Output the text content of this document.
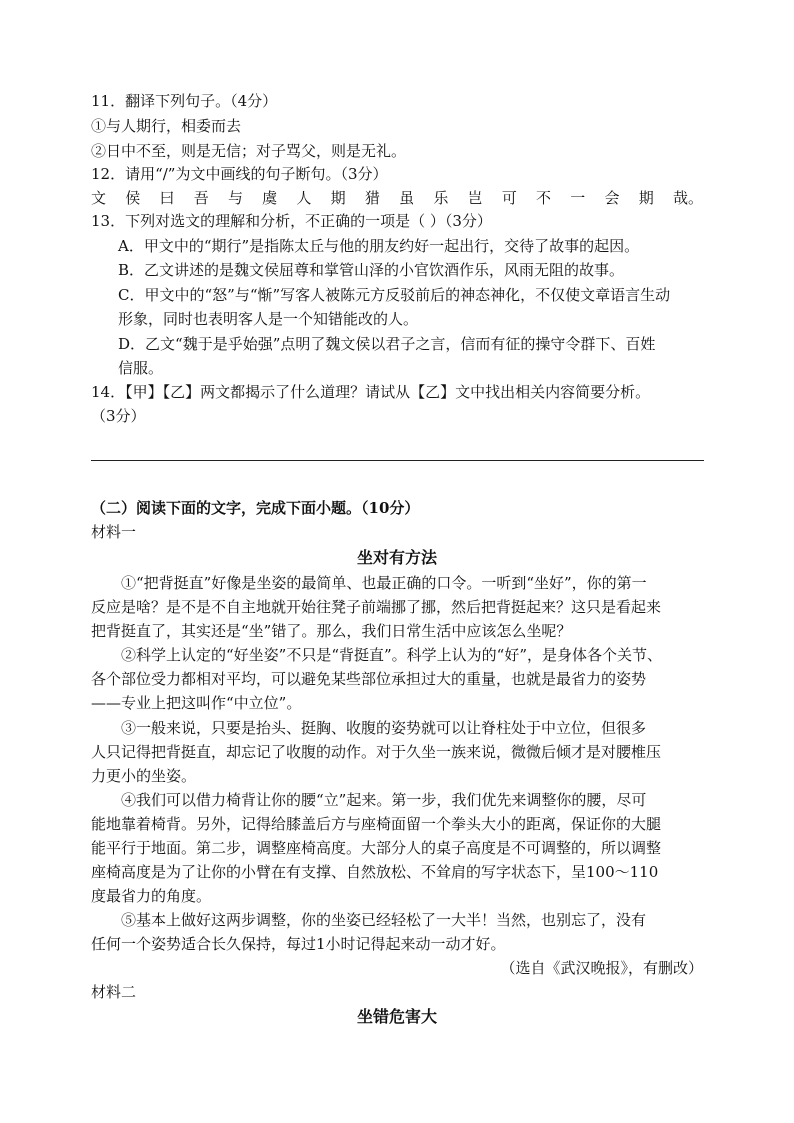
11．翻译下列句子。（4分）
①与人期行，相委而去
②日中不至，则是无信；对子骂父，则是无礼。
12．请用“/”为文中画线的句子断句。（3分）
文 侯 曰 吾 与 虞 人 期 猎 虽 乐 岂 可 不 一 会 期 哉。
13．下列对选文的理解和分析，不正确的一项是（ ）（3分）
A．甲文中的“期行”是指陈太丘与他的朋友约好一起出行，交待了故事的起因。
B．乙文讲述的是魏文侯屈尊和掌管山泽的小官饮酒作乐，风雨无阻的故事。
C．甲文中的“怒”与“惭”写客人被陈元方反驳前后的神态神化，不仅使文章语言生动
形象，同时也表明客人是一个知错能改的人。
D．乙文“魏于是乎始强”点明了魏文侯以君子之言，信而有征的操守令群下、百姓
信服。
14．【甲】【乙】两文都揭示了什么道理？请试从【乙】文中找出相关内容简要分析。
（3分）
（二）阅读下面的文字，完成下面小题。（10分）
材料一
坐对有方法
①“把背挺直”好像是坐姿的最简单、也最正确的口令。一听到“坐好”，你的第一
反应是啥？是不是不自主地就开始往凳子前端挪了挪，然后把背挺起来？这只是看起来
把背挺直了，其实还是“坐”错了。那么，我们日常生活中应该怎么坐呢？
②科学上认定的“好坐姿”不只是“背挺直”。科学上认为的“好”，是身体各个关节、
各个部位受力都相对平均，可以避免某些部位承担过大的重量，也就是最省力的姿势
——专业上把这叫作“中立位”。
③一般来说，只要是抬头、挺胸、收腹的姿势就可以让脊柱处于中立位，但很多
人只记得把背挺直，却忘记了收腹的动作。对于久坐一族来说，微微后倾才是对腰椎压
力更小的坐姿。
④我们可以借力椅背让你的腰“立”起来。第一步，我们优先来调整你的腰，尽可
能地靠着椅背。另外，记得给膝盖后方与座椅面留一个拳头大小的距离，保证你的大腿
能平行于地面。第二步，调整座椅高度。大部分人的桌子高度是不可调整的，所以调整
座椅高度是为了让你的小臂在有支撑、自然放松、不耸肩的写字状态下，呈100～110
度最省力的角度。
⑤基本上做好这两步调整，你的坐姿已经轻松了一大半！当然，也别忘了，没有
任何一个姿势适合长久保持，每过1小时记得起来动一动才好。
（选自《武汉晚报》，有删改）
材料二
坐错危害大
